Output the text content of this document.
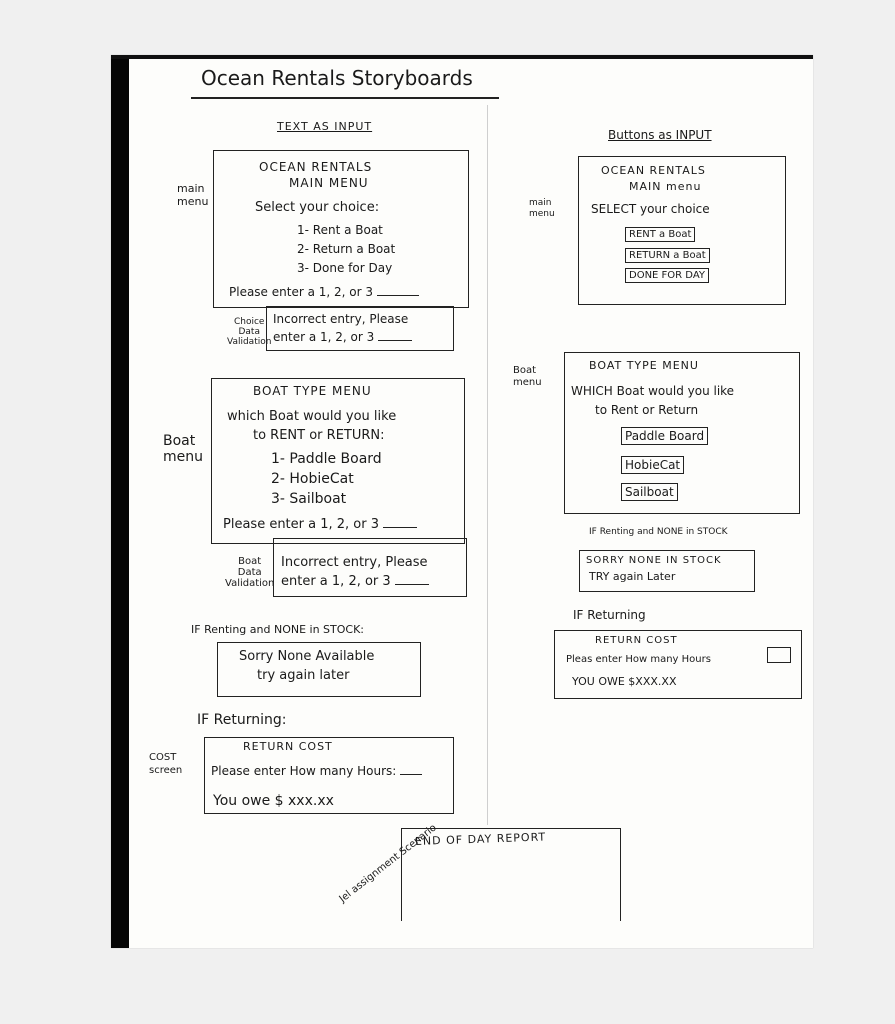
Ocean Rentals Storyboards
TEXT AS INPUT
main
menu
OCEAN RENTALS
MAIN MENU
Select your choice:
1- Rent a Boat
2- Return a Boat
3- Done for Day
Please enter a 1, 2, or 3
Choice
Data
Validation
Incorrect entry, Please
enter a 1, 2, or 3
Boat
menu
BOAT TYPE MENU
which Boat would you like
to RENT or RETURN:
1- Paddle Board
2- HobieCat
3- Sailboat
Please enter a 1, 2, or 3
Boat
Data
Validation
Incorrect entry, Please
enter a 1, 2, or 3
IF Renting and NONE in STOCK:
Sorry None Available
try again later
IF Returning:
COST
screen
RETURN COST
Please enter How many Hours:
You owe $ xxx.xx
END OF DAY REPORT
Jel assignment Scenario
Buttons as INPUT
main
menu
OCEAN RENTALS
MAIN menu
SELECT your choice
RENT a Boat
RETURN a Boat
DONE FOR DAY
Boat
menu
BOAT TYPE MENU
WHICH Boat would you like
to Rent or Return
Paddle Board
HobieCat
Sailboat
IF Renting and NONE in STOCK
SORRY NONE IN STOCK
TRY again Later
IF Returning
RETURN COST
Pleas enter How many Hours
YOU OWE $XXX.XX
